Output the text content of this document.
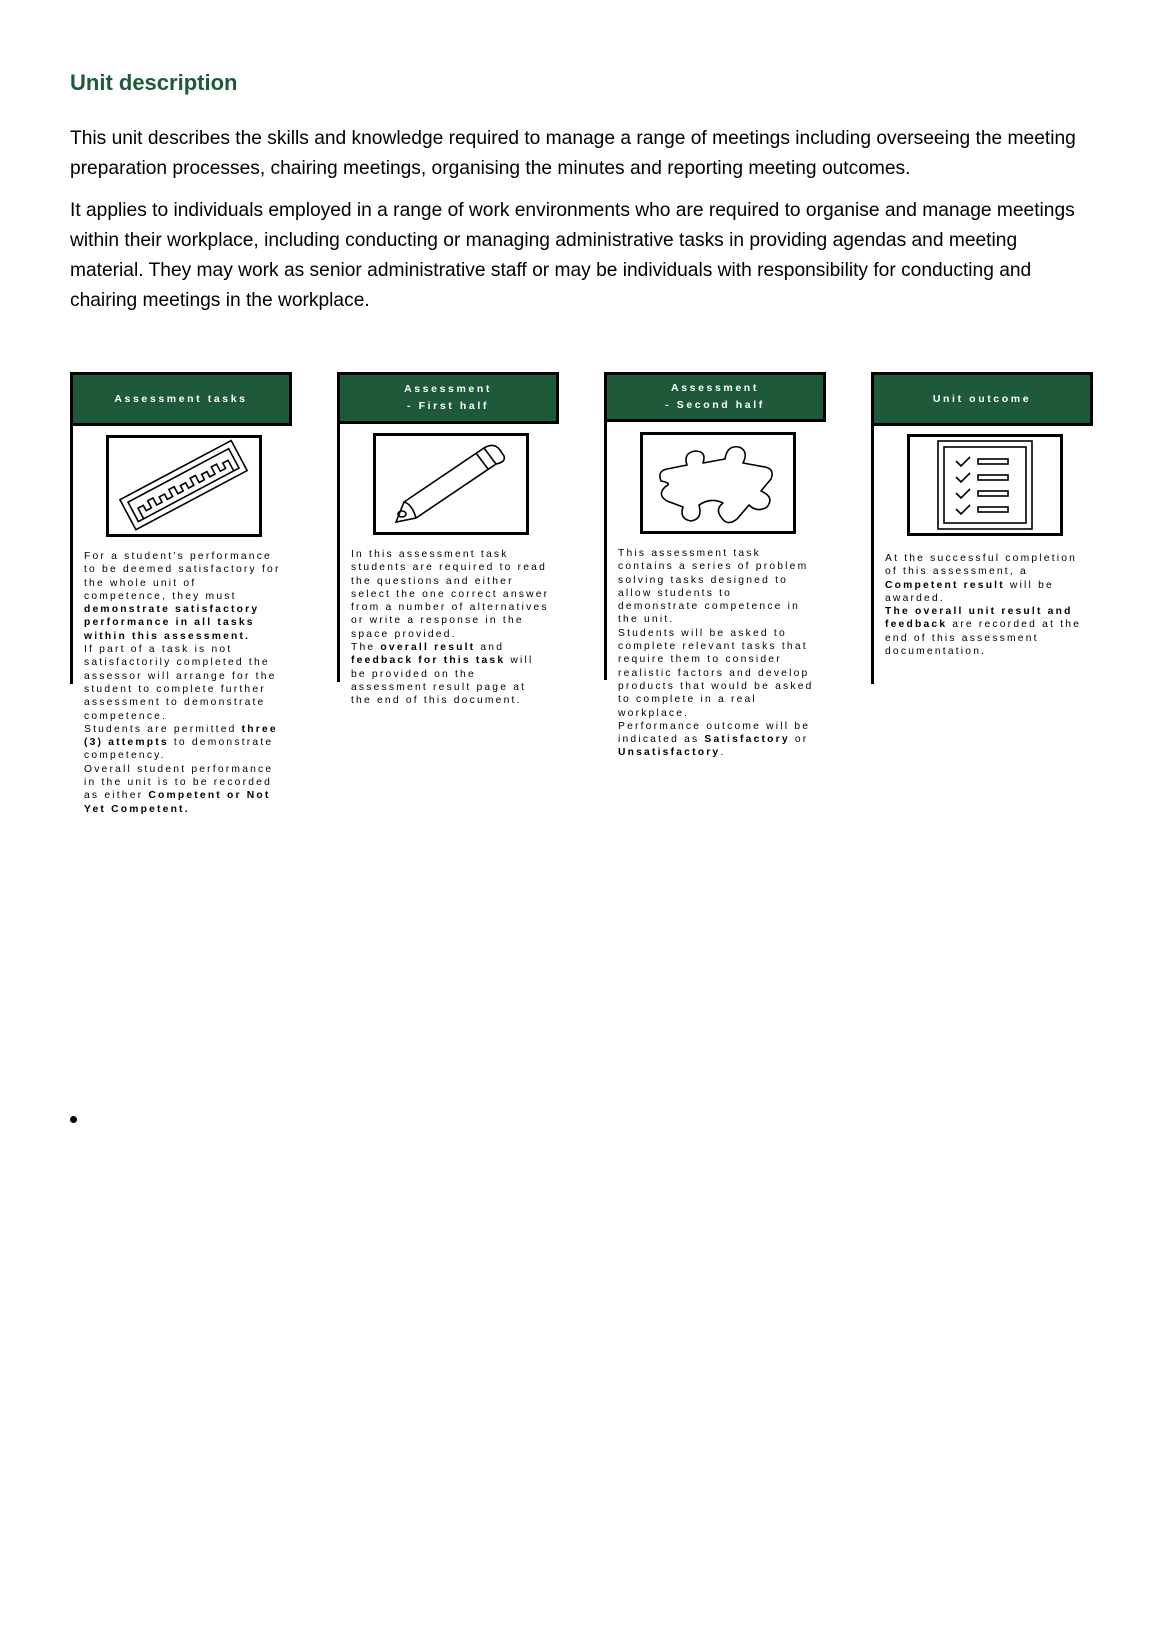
Unit description

This unit describes the skills and knowledge required to manage a range of meetings including overseeing the meeting preparation processes, chairing meetings, organising the minutes and reporting meeting outcomes.

It applies to individuals employed in a range of work environments who are required to organise and manage meetings within their workplace, including conducting or managing administrative tasks in providing agendas and meeting material. They may work as senior administrative staff or may be individuals with responsibility for conducting and chairing meetings in the workplace.

Assessment tasks

For a student’s performance to be deemed satisfactory for the whole unit of competence, they must demonstrate satisfactory performance in all tasks within this assessment.

If part of a task is not satisfactorily completed the assessor will arrange for the student to complete further assessment to demonstrate competence.

Students are permitted three (3) attempts to demonstrate competency.

Overall student performance in the unit is to be recorded as either Competent or Not Yet Competent.

Assessment
- First half

In this assessment task students are required to read the questions and either select the one correct answer from a number of alternatives or write a response in the space provided.

The overall result and feedback for this task will be provided on the assessment result page at the end of this document.

Assessment
- Second half

This assessment task contains a series of problem solving tasks designed to allow students to demonstrate competence in the unit.

Students will be asked to complete relevant tasks that require them to consider realistic factors and develop products that would be asked to complete in a real workplace.

Performance outcome will be indicated as Satisfactory or Unsatisfactory.

Unit outcome

At the successful completion of this assessment, a Competent result will be awarded.

The overall unit result and feedback are recorded at the end of this assessment documentation.
